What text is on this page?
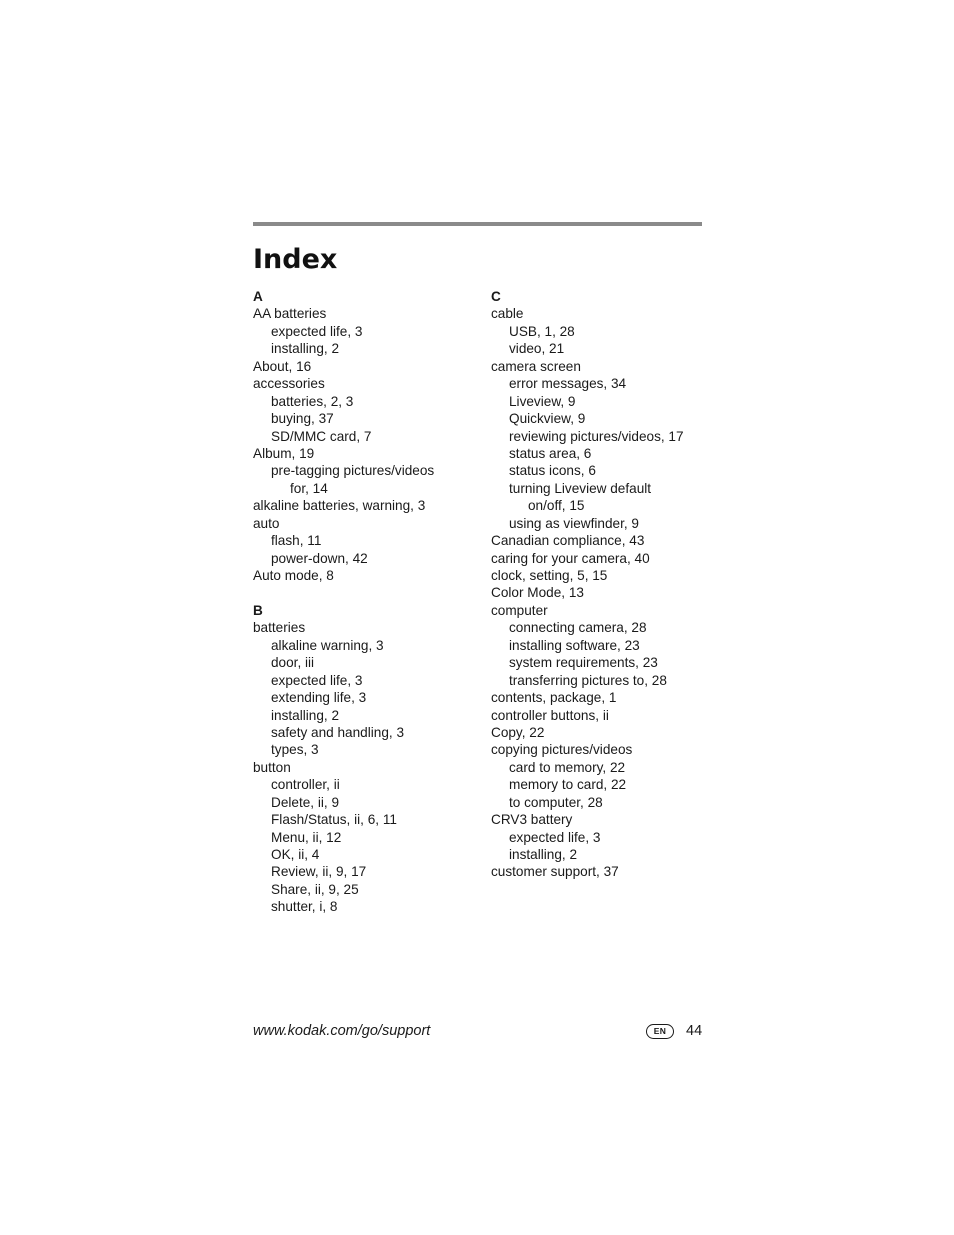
Index
A
AA batteries
expected life, 3
installing, 2
About, 16
accessories
batteries, 2, 3
buying, 37
SD/MMC card, 7
Album, 19
pre-tagging pictures/videos
for, 14
alkaline batteries, warning, 3
auto
flash, 11
power-down, 42
Auto mode, 8
B
batteries
alkaline warning, 3
door, iii
expected life, 3
extending life, 3
installing, 2
safety and handling, 3
types, 3
button
controller, ii
Delete, ii, 9
Flash/Status, ii, 6, 11
Menu, ii, 12
OK, ii, 4
Review, ii, 9, 17
Share, ii, 9, 25
shutter, i, 8
C
cable
USB, 1, 28
video, 21
camera screen
error messages, 34
Liveview, 9
Quickview, 9
reviewing pictures/videos, 17
status area, 6
status icons, 6
turning Liveview default
on/off, 15
using as viewfinder, 9
Canadian compliance, 43
caring for your camera, 40
clock, setting, 5, 15
Color Mode, 13
computer
connecting camera, 28
installing software, 23
system requirements, 23
transferring pictures to, 28
contents, package, 1
controller buttons, ii
Copy, 22
copying pictures/videos
card to memory, 22
memory to card, 22
to computer, 28
CRV3 battery
expected life, 3
installing, 2
customer support, 37
www.kodak.com/go/support	EN	44
